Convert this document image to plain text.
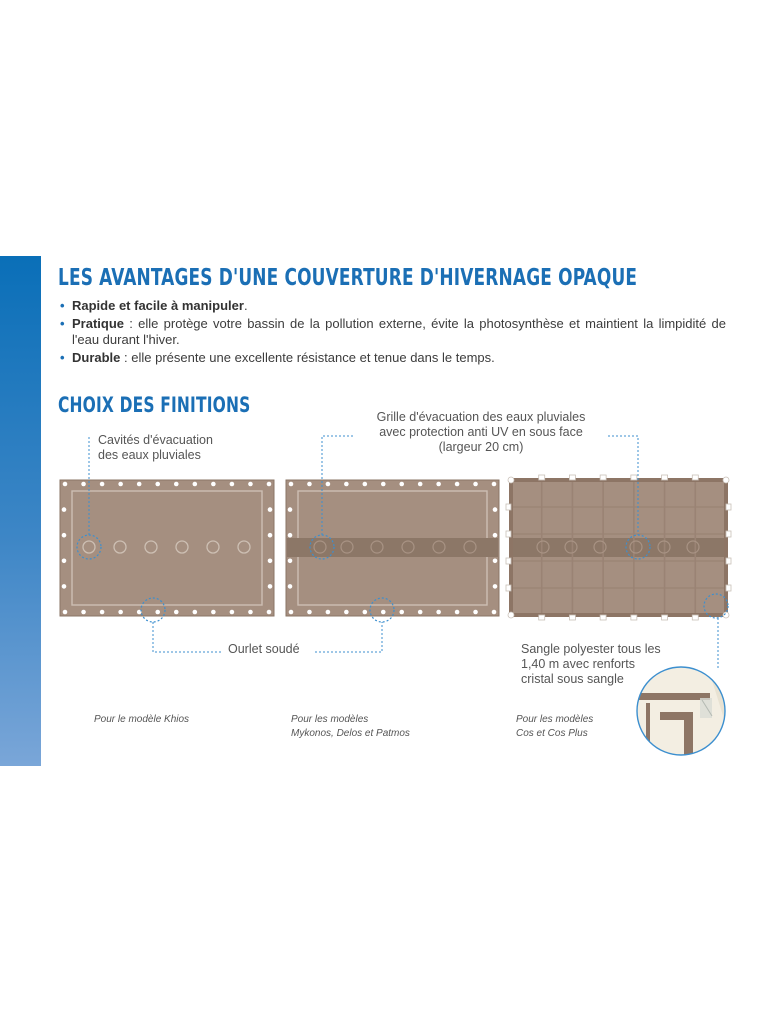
LES AVANTAGES D'UNE COUVERTURE D'HIVERNAGE OPAQUE
• Rapide et facile à manipuler.
• Pratique : elle protège votre bassin de la pollution externe, évite la photosynthèse et maintient la limpidité de l'eau durant l'hiver.
• Durable : elle présente une excellente résistance et tenue dans le temps.
CHOIX DES FINITIONS

Cavités d'évacuation
des eaux pluviales

Grille d'évacuation des eaux pluviales
avec protection anti UV en sous face
(largeur 20 cm)

Ourlet soudé	Sangle polyester tous les
1,40 m avec renforts
cristal sous sangle

Pour le modèle Khios	Pour les modèles
Mykonos, Delos et Patmos

Pour les modèles
Cos et Cos Plus
